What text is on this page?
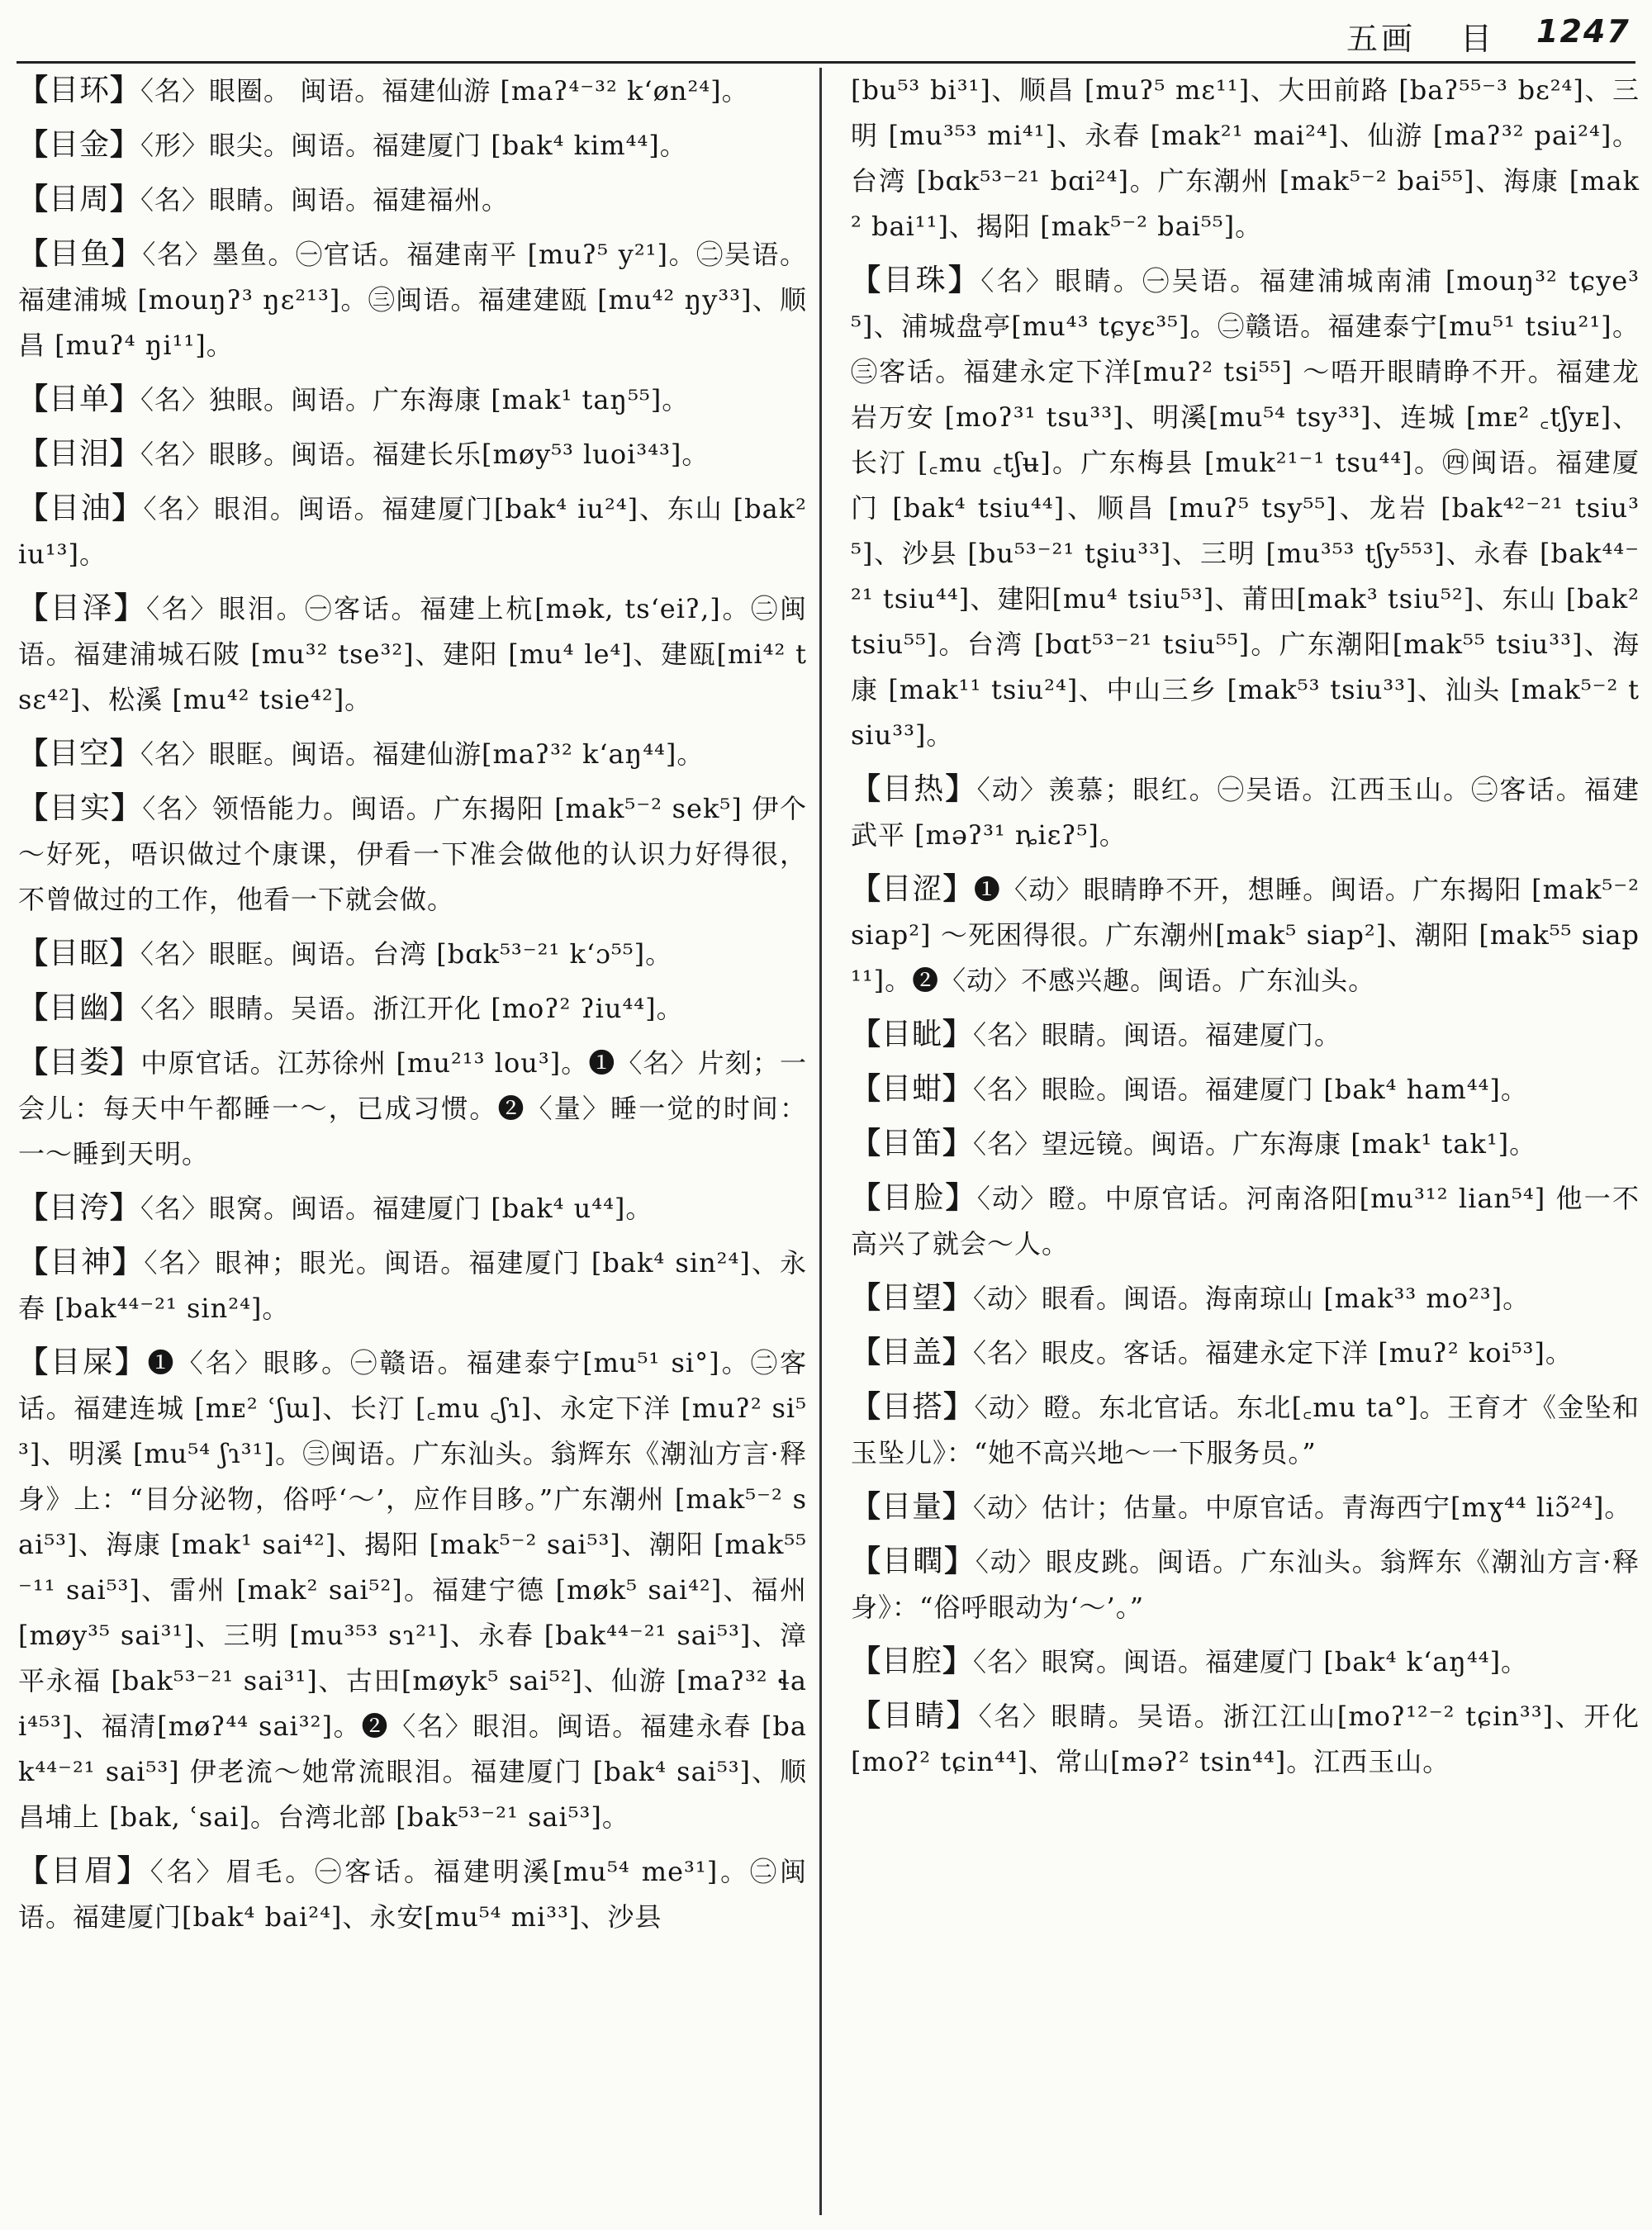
五画 目 1247
【目环】〈名〉眼圈。 闽语。福建仙游 [maʔ⁴⁻³² kʻøn²⁴]。
【目金】〈形〉眼尖。闽语。福建厦门 [bak⁴ kim⁴⁴]。
【目周】〈名〉眼睛。闽语。福建福州。
【目鱼】〈名〉墨鱼。㊀官话。福建南平 [muʔ⁵ y²¹]。㊁吴语。福建浦城 [mouŋʔ³ ŋɛ²¹³]。㊂闽语。福建建瓯 [mu⁴² ŋy³³]、顺昌 [muʔ⁴ ŋi¹¹]。
【目单】〈名〉独眼。闽语。广东海康 [mak¹ taŋ⁵⁵]。
【目泪】〈名〉眼眵。闽语。福建长乐[møy⁵³ luoi³⁴³]。
【目油】〈名〉眼泪。闽语。福建厦门[bak⁴ iu²⁴]、东山 [bak² iu¹³]。
【目泽】〈名〉眼泪。㊀客话。福建上杭[mək, tsʻeiʔ,]。㊁闽语。福建浦城石陂 [mu³² tse³²]、建阳 [mu⁴ le⁴]、建瓯[mi⁴² tsɛ⁴²]、松溪 [mu⁴² tsie⁴²]。
【目空】〈名〉眼眶。闽语。福建仙游[maʔ³² kʻaŋ⁴⁴]。
【目实】〈名〉领悟能力。闽语。广东揭阳 [mak⁵⁻² sek⁵] 伊个～好死，唔识做过个康课，伊看一下准会做他的认识力好得很，不曾做过的工作，他看一下就会做。
【目眍】〈名〉眼眶。闽语。台湾 [bɑk⁵³⁻²¹ kʻɔ⁵⁵]。
【目幽】〈名〉眼睛。吴语。浙江开化 [moʔ² ʔiu⁴⁴]。
【目娄】中原官话。江苏徐州 [mu²¹³ lou³]。❶〈名〉片刻；一会儿：每天中午都睡一～，已成习惯。❷〈量〉睡一觉的时间：一～睡到天明。
【目洿】〈名〉眼窝。闽语。福建厦门 [bak⁴ u⁴⁴]。
【目神】〈名〉眼神；眼光。闽语。福建厦门 [bak⁴ sin²⁴]、永春 [bak⁴⁴⁻²¹ sin²⁴]。
【目屎】❶〈名〉眼眵。㊀赣语。福建泰宁[mu⁵¹ si°]。㊁客话。福建连城 [mᴇ² ʿʃɯ]、长汀 [꜀mu ꜀ʃɿ]、永定下洋 [muʔ² si⁵³]、明溪 [mu⁵⁴ ʃɿ³¹]。㊂闽语。广东汕头。翁辉东《潮汕方言·释身》上：“目分泌物，俗呼‘～’，应作目眵。”广东潮州 [mak⁵⁻² sai⁵³]、海康 [mak¹ sai⁴²]、揭阳 [mak⁵⁻² sai⁵³]、潮阳 [mak⁵⁵⁻¹¹ sai⁵³]、雷州 [mak² sai⁵²]。福建宁德 [møk⁵ sai⁴²]、福州 [møy³⁵ sai³¹]、三明 [mu³⁵³ sɿ²¹]、永春 [bak⁴⁴⁻²¹ sai⁵³]、漳平永福 [bak⁵³⁻²¹ sai³¹]、古田[møyk⁵ sai⁵²]、仙游 [maʔ³² ɬai⁴⁵³]、福清[møʔ⁴⁴ sai³²]。❷〈名〉眼泪。闽语。福建永春 [bak⁴⁴⁻²¹ sai⁵³] 伊老流～她常流眼泪。福建厦门 [bak⁴ sai⁵³]、顺昌埔上 [bak, ʿsai]。台湾北部 [bak⁵³⁻²¹ sai⁵³]。
【目眉】〈名〉眉毛。㊀客话。福建明溪[mu⁵⁴ me³¹]。㊁闽语。福建厦门[bak⁴ bai²⁴]、永安[mu⁵⁴ mi³³]、沙县
[bu⁵³ bi³¹]、顺昌 [muʔ⁵ mɛ¹¹]、大田前路 [baʔ⁵⁵⁻³ bɛ²⁴]、三明 [mu³⁵³ mi⁴¹]、永春 [mak²¹ mai²⁴]、仙游 [maʔ³² pai²⁴]。台湾 [bɑk⁵³⁻²¹ bɑi²⁴]。广东潮州 [mak⁵⁻² bai⁵⁵]、海康 [mak² bai¹¹]、揭阳 [mak⁵⁻² bai⁵⁵]。
【目珠】〈名〉眼睛。㊀吴语。福建浦城南浦 [mouŋ³² tɕye³⁵]、浦城盘亭[mu⁴³ tɕyɛ³⁵]。㊁赣语。福建泰宁[mu⁵¹ tsiu²¹]。㊂客话。福建永定下洋[muʔ² tsi⁵⁵] ～唔开眼睛睁不开。福建龙岩万安 [moʔ³¹ tsu³³]、明溪[mu⁵⁴ tsy³³]、连城 [mᴇ² ꜀tʃyᴇ]、长汀 [꜀mu ꜀tʃʉ]。广东梅县 [muk²¹⁻¹ tsu⁴⁴]。㊃闽语。福建厦门 [bak⁴ tsiu⁴⁴]、顺昌 [muʔ⁵ tsy⁵⁵]、龙岩 [bak⁴²⁻²¹ tsiu³⁵]、沙县 [bu⁵³⁻²¹ tʂiu³³]、三明 [mu³⁵³ tʃy⁵⁵³]、永春 [bak⁴⁴⁻²¹ tsiu⁴⁴]、建阳[mu⁴ tsiu⁵³]、莆田[mak³ tsiu⁵²]、东山 [bak² tsiu⁵⁵]。台湾 [bɑt⁵³⁻²¹ tsiu⁵⁵]。广东潮阳[mak⁵⁵ tsiu³³]、海康 [mak¹¹ tsiu²⁴]、中山三乡 [mak⁵³ tsiu³³]、汕头 [mak⁵⁻² tsiu³³]。
【目热】〈动〉羡慕；眼红。㊀吴语。江西玉山。㊁客话。福建武平 [məʔ³¹ ȵiɛʔ⁵]。
【目涩】❶〈动〉眼睛睁不开，想睡。闽语。广东揭阳 [mak⁵⁻² siap²] ～死困得很。广东潮州[mak⁵ siap²]、潮阳 [mak⁵⁵ siap¹¹]。❷〈动〉不感兴趣。闽语。广东汕头。
【目眦】〈名〉眼睛。闽语。福建厦门。
【目蚶】〈名〉眼睑。闽语。福建厦门 [bak⁴ ham⁴⁴]。
【目笛】〈名〉望远镜。闽语。广东海康 [mak¹ tak¹]。
【目脸】〈动〉瞪。中原官话。河南洛阳[mu³¹² lian⁵⁴] 他一不高兴了就会～人。
【目望】〈动〉眼看。闽语。海南琼山 [mak³³ mo²³]。
【目盖】〈名〉眼皮。客话。福建永定下洋 [muʔ² koi⁵³]。
【目搭】〈动〉瞪。东北官话。东北[꜀mu ta°]。王育才《金坠和玉坠儿》：“她不高兴地～一下服务员。”
【目量】〈动〉估计；估量。中原官话。青海西宁[mɣ⁴⁴ liɔ̃²⁴]。
【目瞤】〈动〉眼皮跳。闽语。广东汕头。翁辉东《潮汕方言·释身》：“俗呼眼动为‘～’。”
【目腔】〈名〉眼窝。闽语。福建厦门 [bak⁴ kʻaŋ⁴⁴]。
【目睛】〈名〉眼睛。吴语。浙江江山[moʔ¹²⁻² tɕin³³]、开化 [moʔ² tɕin⁴⁴]、常山[məʔ² tsin⁴⁴]。江西玉山。
